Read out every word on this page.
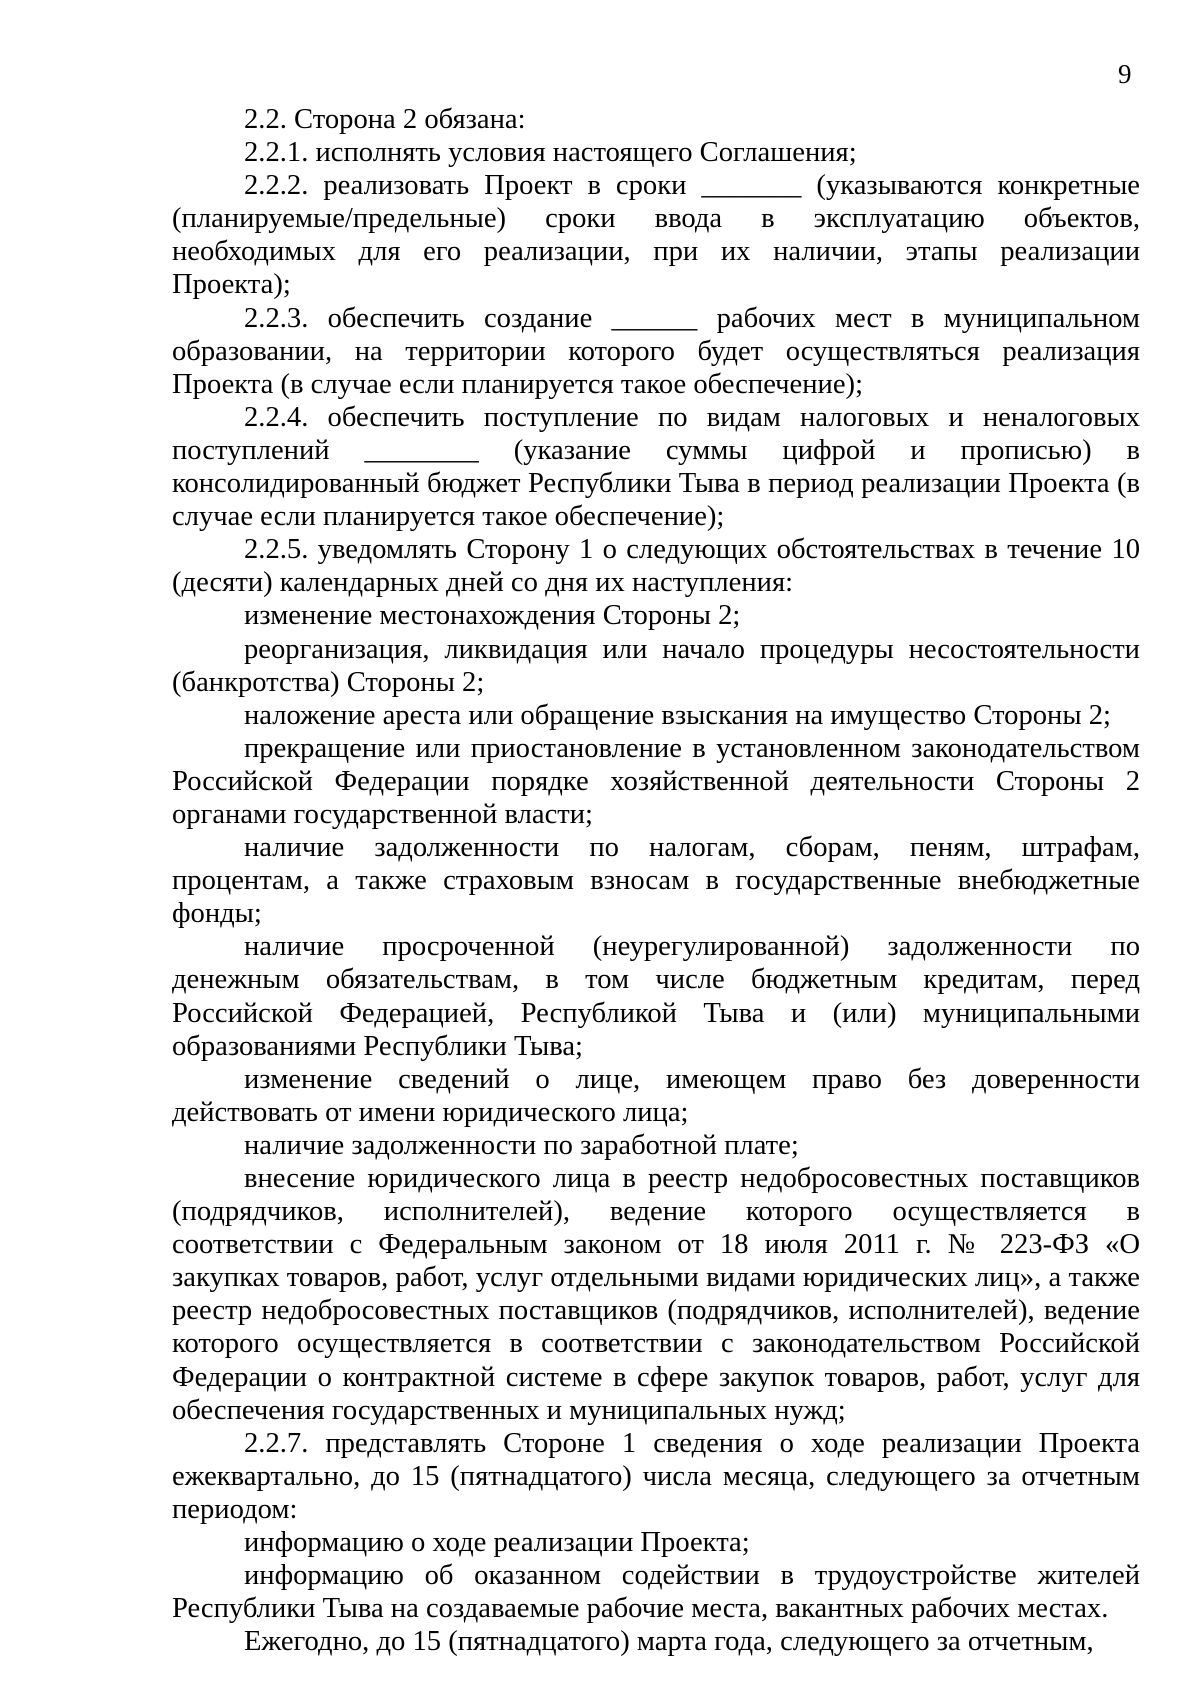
9

2.2. Сторона 2 обязана:

2.2.1. исполнять условия настоящего Соглашения;

2.2.2. реализовать Проект в сроки _______ (указываются конкретные (планируемые/предельные) сроки ввода в эксплуатацию объектов, необходимых для его реализации, при их наличии, этапы реализации Проекта);

2.2.3. обеспечить создание ______ рабочих мест в муниципальном образовании, на территории которого будет осуществляться реализация Проекта (в случае если планируется такое обеспечение);

2.2.4. обеспечить поступление по видам налоговых и неналоговых поступлений ________ (указание суммы цифрой и прописью) в консолидированный бюджет Республики Тыва в период реализации Проекта (в случае если планируется такое обеспечение);

2.2.5. уведомлять Сторону 1 о следующих обстоятельствах в течение 10 (десяти) календарных дней со дня их наступления:

изменение местонахождения Стороны 2;

реорганизация, ликвидация или начало процедуры несостоятельности (банкротства) Стороны 2;

наложение ареста или обращение взыскания на имущество Стороны 2;

прекращение или приостановление в установленном законодательством Российской Федерации порядке хозяйственной деятельности Стороны 2 органами государственной власти;

наличие задолженности по налогам, сборам, пеням, штрафам, процентам, а также страховым взносам в государственные внебюджетные фонды;

наличие просроченной (неурегулированной) задолженности по денежным обязательствам, в том числе бюджетным кредитам, перед Российской Федерацией, Республикой Тыва и (или) муниципальными образованиями Республики Тыва;

изменение сведений о лице, имеющем право без доверенности действовать от имени юридического лица;

наличие задолженности по заработной плате;

внесение юридического лица в реестр недобросовестных поставщиков (подрядчиков, исполнителей), ведение которого осуществляется в соответствии с Федеральным законом от 18 июля 2011 г. № 223-ФЗ «О закупках товаров, работ, услуг отдельными видами юридических лиц», а также реестр недобросовестных поставщиков (подрядчиков, исполнителей), ведение которого осуществляется в соответствии с законодательством Российской Федерации о контрактной системе в сфере закупок товаров, работ, услуг для обеспечения государственных и муниципальных нужд;

2.2.7. представлять Стороне 1 сведения о ходе реализации Проекта ежеквартально, до 15 (пятнадцатого) числа месяца, следующего за отчетным периодом:

информацию о ходе реализации Проекта;

информацию об оказанном содействии в трудоустройстве жителей Республики Тыва на создаваемые рабочие места, вакантных рабочих местах.

Ежегодно, до 15 (пятнадцатого) марта года, следующего за отчетным,
